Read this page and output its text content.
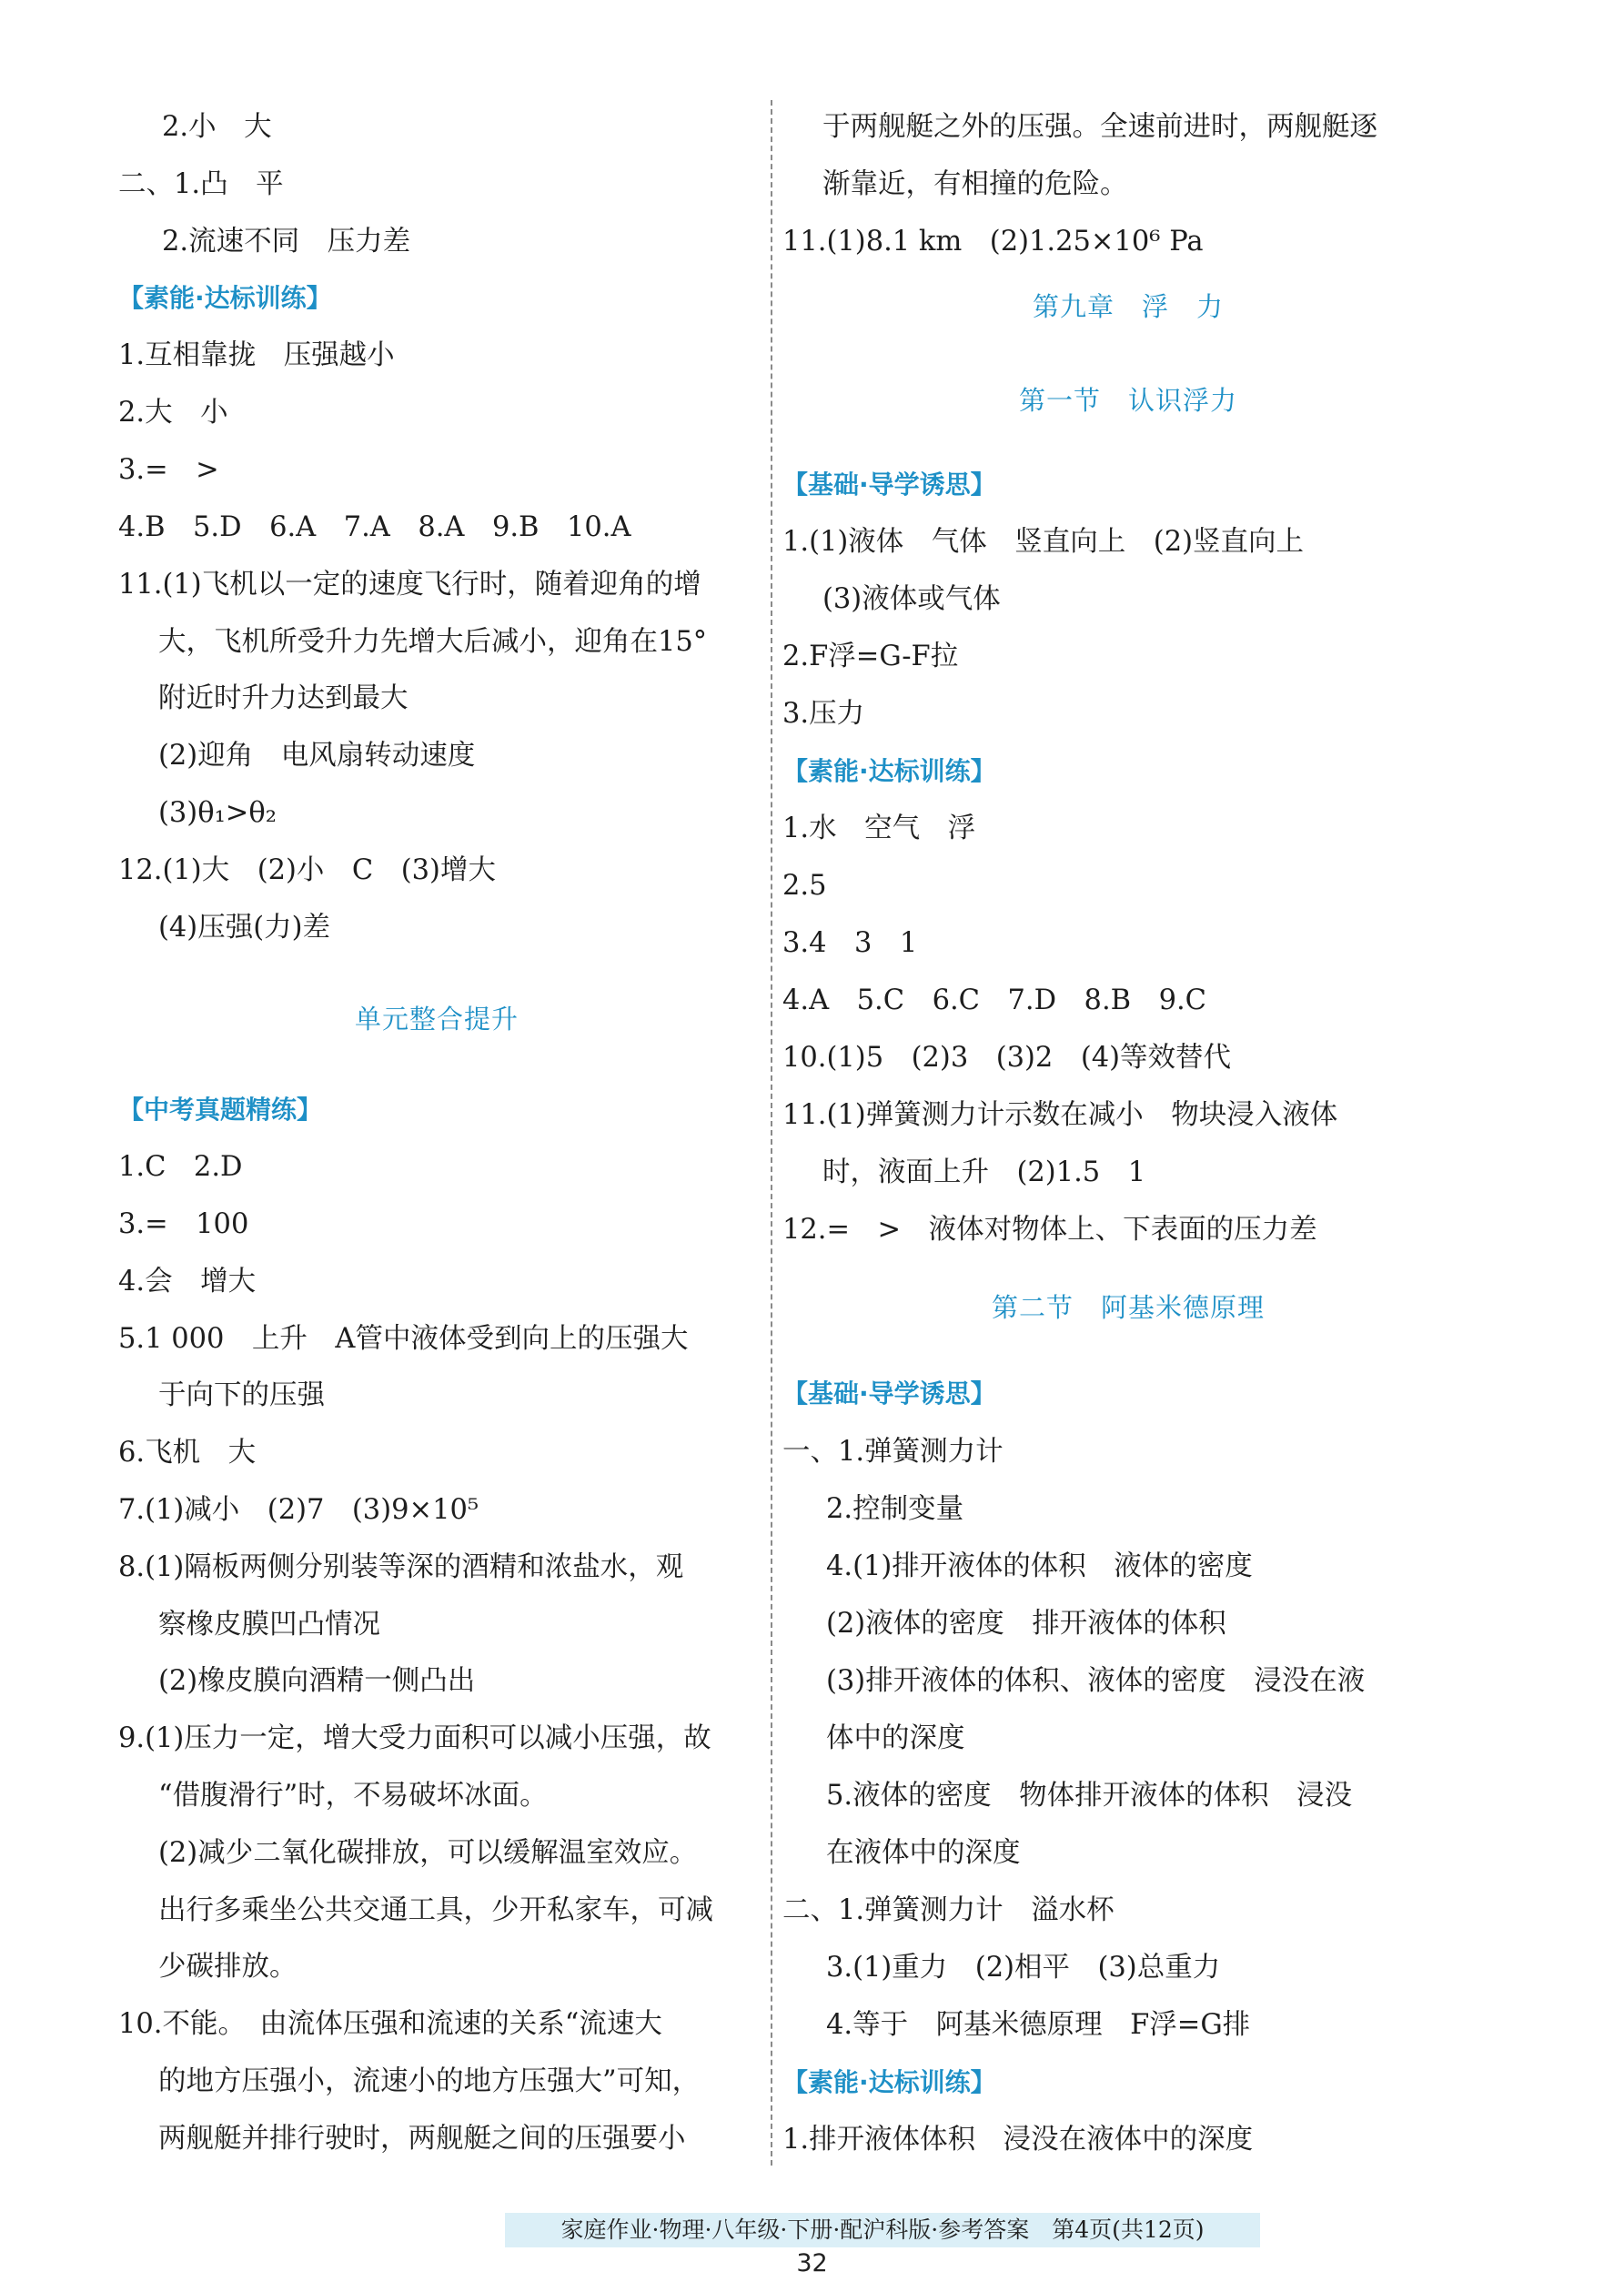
2.小　大
二、1.凸　平
2.流速不同　压力差
【素能·达标训练】
1.互相靠拢　压强越小
2.大　小
3.=　>
4.B　5.D　6.A　7.A　8.A　9.B　10.A
11.(1)飞机以一定的速度飞行时，随着迎角的增
大，飞机所受升力先增大后减小，迎角在15°
附近时升力达到最大
(2)迎角　电风扇转动速度
(3)θ₁>θ₂
12.(1)大　(2)小　C　(3)增大
(4)压强(力)差
单元整合提升
【中考真题精练】
1.C　2.D
3.=　100
4.会　增大
5.1 000　上升　A管中液体受到向上的压强大
于向下的压强
6.飞机　大
7.(1)减小　(2)7　(3)9×10⁵
8.(1)隔板两侧分别装等深的酒精和浓盐水，观
察橡皮膜凹凸情况
(2)橡皮膜向酒精一侧凸出
9.(1)压力一定，增大受力面积可以减小压强，故
“借腹滑行”时，不易破坏冰面。
(2)减少二氧化碳排放，可以缓解温室效应。
出行多乘坐公共交通工具，少开私家车，可减
少碳排放。
10.不能。　由流体压强和流速的关系“流速大
的地方压强小，流速小的地方压强大”可知，
两舰艇并排行驶时，两舰艇之间的压强要小
于两舰艇之外的压强。全速前进时，两舰艇逐
渐靠近，有相撞的危险。
11.(1)8.1 km　(2)1.25×10⁶ Pa
第九章　浮　力
第一节　认识浮力
【基础·导学诱思】
1.(1)液体　气体　竖直向上　(2)竖直向上
(3)液体或气体
2.F浮=G-F拉
3.压力
【素能·达标训练】
1.水　空气　浮
2.5
3.4　3　1
4.A　5.C　6.C　7.D　8.B　9.C
10.(1)5　(2)3　(3)2　(4)等效替代
11.(1)弹簧测力计示数在减小　物块浸入液体
时，液面上升　(2)1.5　1
12.=　>　液体对物体上、下表面的压力差
第二节　阿基米德原理
【基础·导学诱思】
一、1.弹簧测力计
2.控制变量
4.(1)排开液体的体积　液体的密度
(2)液体的密度　排开液体的体积
(3)排开液体的体积、液体的密度　浸没在液
体中的深度
5.液体的密度　物体排开液体的体积　浸没
在液体中的深度
二、1.弹簧测力计　溢水杯
3.(1)重力　(2)相平　(3)总重力
4.等于　阿基米德原理　F浮=G排
【素能·达标训练】
1.排开液体体积　浸没在液体中的深度
家庭作业·物理·八年级·下册·配沪科版·参考答案　第4页(共12页)
32
